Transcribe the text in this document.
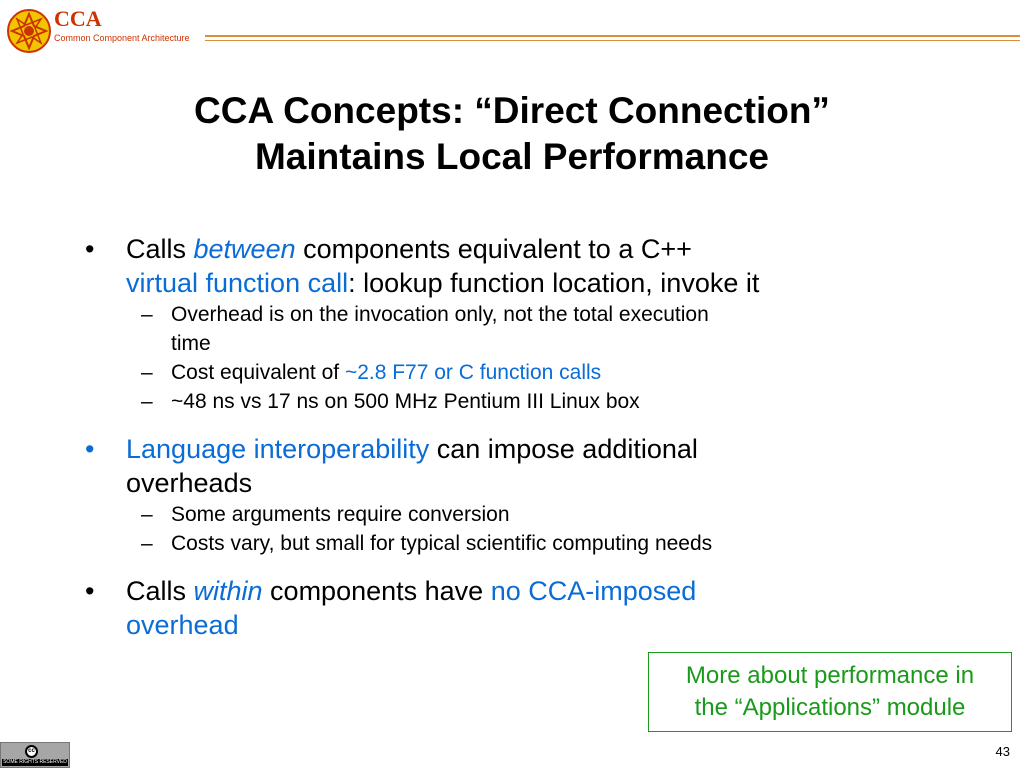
CCA
Common Component Architecture
CCA Concepts: “Direct Connection”
Maintains Local Performance
• Calls between components equivalent to a C++
virtual function call: lookup function location, invoke it
– Overhead is on the invocation only, not the total execution
time
– Cost equivalent of ~2.8 F77 or C function calls
– ~48 ns vs 17 ns on 500 MHz Pentium III Linux box
• Language interoperability can impose additional
overheads
– Some arguments require conversion
– Costs vary, but small for typical scientific computing needs
• Calls within components have no CCA-imposed
overhead
More about performance in
the “Applications” module
cc
SOME RIGHTS RESERVED
43
